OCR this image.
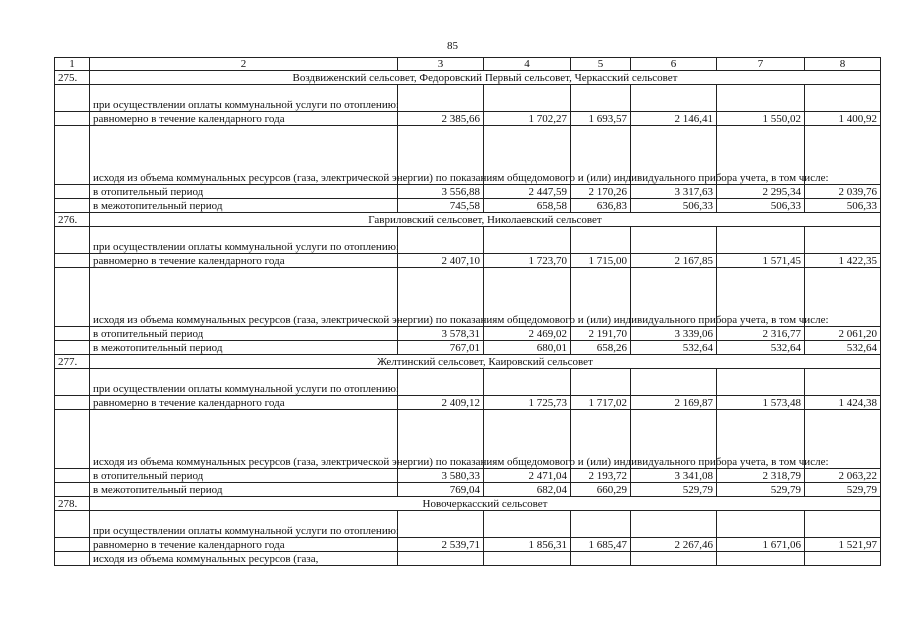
85
1	2	3	4	5	6	7	8
275.	Воздвиженский сельсовет, Федоровский Первый сельсовет, Черкасский сельсовет						
	при осуществлении оплаты коммунальной услуги по отоплению:						
	равномерно в течение календарного года	2 385,66	1 702,27	1 693,57	2 146,41	1 550,02	1 400,92
	исходя из объема коммунальных ресурсов (газа, электрической энергии) по показаниям общедомового и (или) индивидуального прибора учета, в том числе:						
	в отопительный период	3 556,88	2 447,59	2 170,26	3 317,63	2 295,34	2 039,76
	в межотопительный период	745,58	658,58	636,83	506,33	506,33	506,33
276.	Гавриловский сельсовет, Николаевский сельсовет						
	при осуществлении оплаты коммунальной услуги по отоплению:						
	равномерно в течение календарного года	2 407,10	1 723,70	1 715,00	2 167,85	1 571,45	1 422,35
	исходя из объема коммунальных ресурсов (газа, электрической энергии) по показаниям общедомового и (или) индивидуального прибора учета, в том числе:						
	в отопительный период	3 578,31	2 469,02	2 191,70	3 339,06	2 316,77	2 061,20
	в межотопительный период	767,01	680,01	658,26	532,64	532,64	532,64
277.	Желтинский сельсовет, Каировский сельсовет						
	при осуществлении оплаты коммунальной услуги по отоплению:						
	равномерно в течение календарного года	2 409,12	1 725,73	1 717,02	2 169,87	1 573,48	1 424,38
	исходя из объема коммунальных ресурсов (газа, электрической энергии) по показаниям общедомового и (или) индивидуального прибора учета, в том числе:						
	в отопительный период	3 580,33	2 471,04	2 193,72	3 341,08	2 318,79	2 063,22
	в межотопительный период	769,04	682,04	660,29	529,79	529,79	529,79
278.	Новочеркасский сельсовет						
	при осуществлении оплаты коммунальной услуги по отоплению:						
	равномерно в течение календарного года	2 539,71	1 856,31	1 685,47	2 267,46	1 671,06	1 521,97
	исходя из объема коммунальных ресурсов (газа,						
